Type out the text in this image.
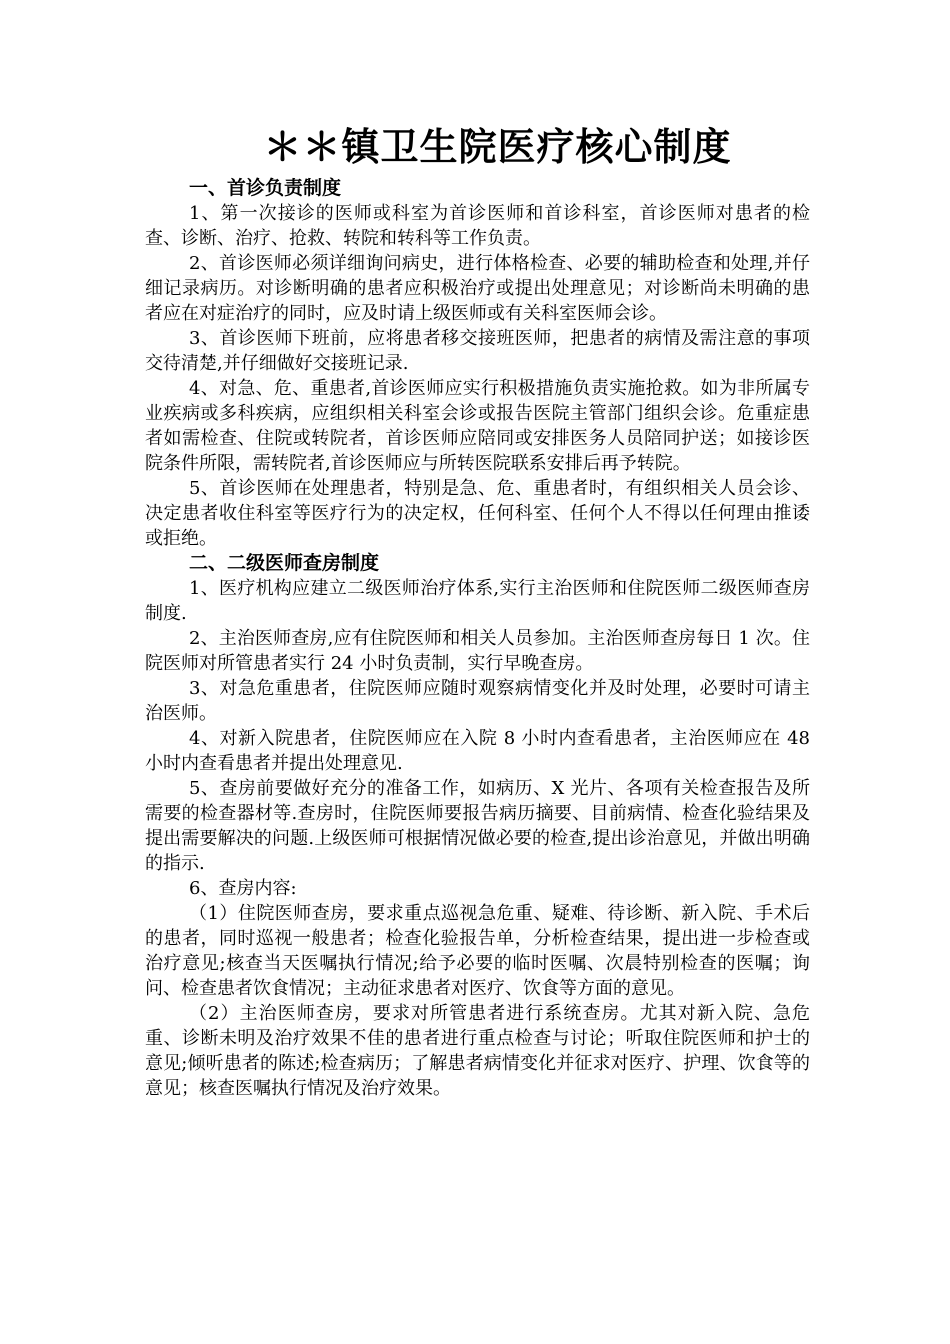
＊＊镇卫生院医疗核心制度

一、首诊负责制度

1、第一次接诊的医师或科室为首诊医师和首诊科室，首诊医师对患者的检查、诊断、治疗、抢救、转院和转科等工作负责。

2、首诊医师必须详细询问病史，进行体格检查、必要的辅助检查和处理,并仔细记录病历。对诊断明确的患者应积极治疗或提出处理意见；对诊断尚未明确的患者应在对症治疗的同时，应及时请上级医师或有关科室医师会诊。

3、首诊医师下班前，应将患者移交接班医师，把患者的病情及需注意的事项交待清楚,并仔细做好交接班记录.

4、对急、危、重患者,首诊医师应实行积极措施负责实施抢救。如为非所属专业疾病或多科疾病，应组织相关科室会诊或报告医院主管部门组织会诊。危重症患者如需检查、住院或转院者，首诊医师应陪同或安排医务人员陪同护送；如接诊医院条件所限，需转院者,首诊医师应与所转医院联系安排后再予转院。

5、首诊医师在处理患者，特别是急、危、重患者时，有组织相关人员会诊、决定患者收住科室等医疗行为的决定权，任何科室、任何个人不得以任何理由推诿或拒绝。

二、二级医师查房制度

1、医疗机构应建立二级医师治疗体系,实行主治医师和住院医师二级医师查房制度.

2、主治医师查房,应有住院医师和相关人员参加。主治医师查房每日 1 次。住院医师对所管患者实行 24 小时负责制，实行早晚查房。

3、对急危重患者，住院医师应随时观察病情变化并及时处理，必要时可请主治医师。

4、对新入院患者，住院医师应在入院 8 小时内查看患者，主治医师应在 48 小时内查看患者并提出处理意见.

5、查房前要做好充分的准备工作，如病历、X 光片、各项有关检查报告及所需要的检查器材等.查房时，住院医师要报告病历摘要、目前病情、检查化验结果及提出需要解决的问题.上级医师可根据情况做必要的检查,提出诊治意见，并做出明确的指示.

6、查房内容:

（1）住院医师查房，要求重点巡视急危重、疑难、待诊断、新入院、手术后的患者，同时巡视一般患者；检查化验报告单，分析检查结果，提出进一步检查或治疗意见;核查当天医嘱执行情况;给予必要的临时医嘱、次晨特别检查的医嘱；询问、检查患者饮食情况；主动征求患者对医疗、饮食等方面的意见。

（2）主治医师查房，要求对所管患者进行系统查房。尤其对新入院、急危重、诊断未明及治疗效果不佳的患者进行重点检查与讨论；听取住院医师和护士的意见;倾听患者的陈述;检查病历；了解患者病情变化并征求对医疗、护理、饮食等的意见；核查医嘱执行情况及治疗效果。
